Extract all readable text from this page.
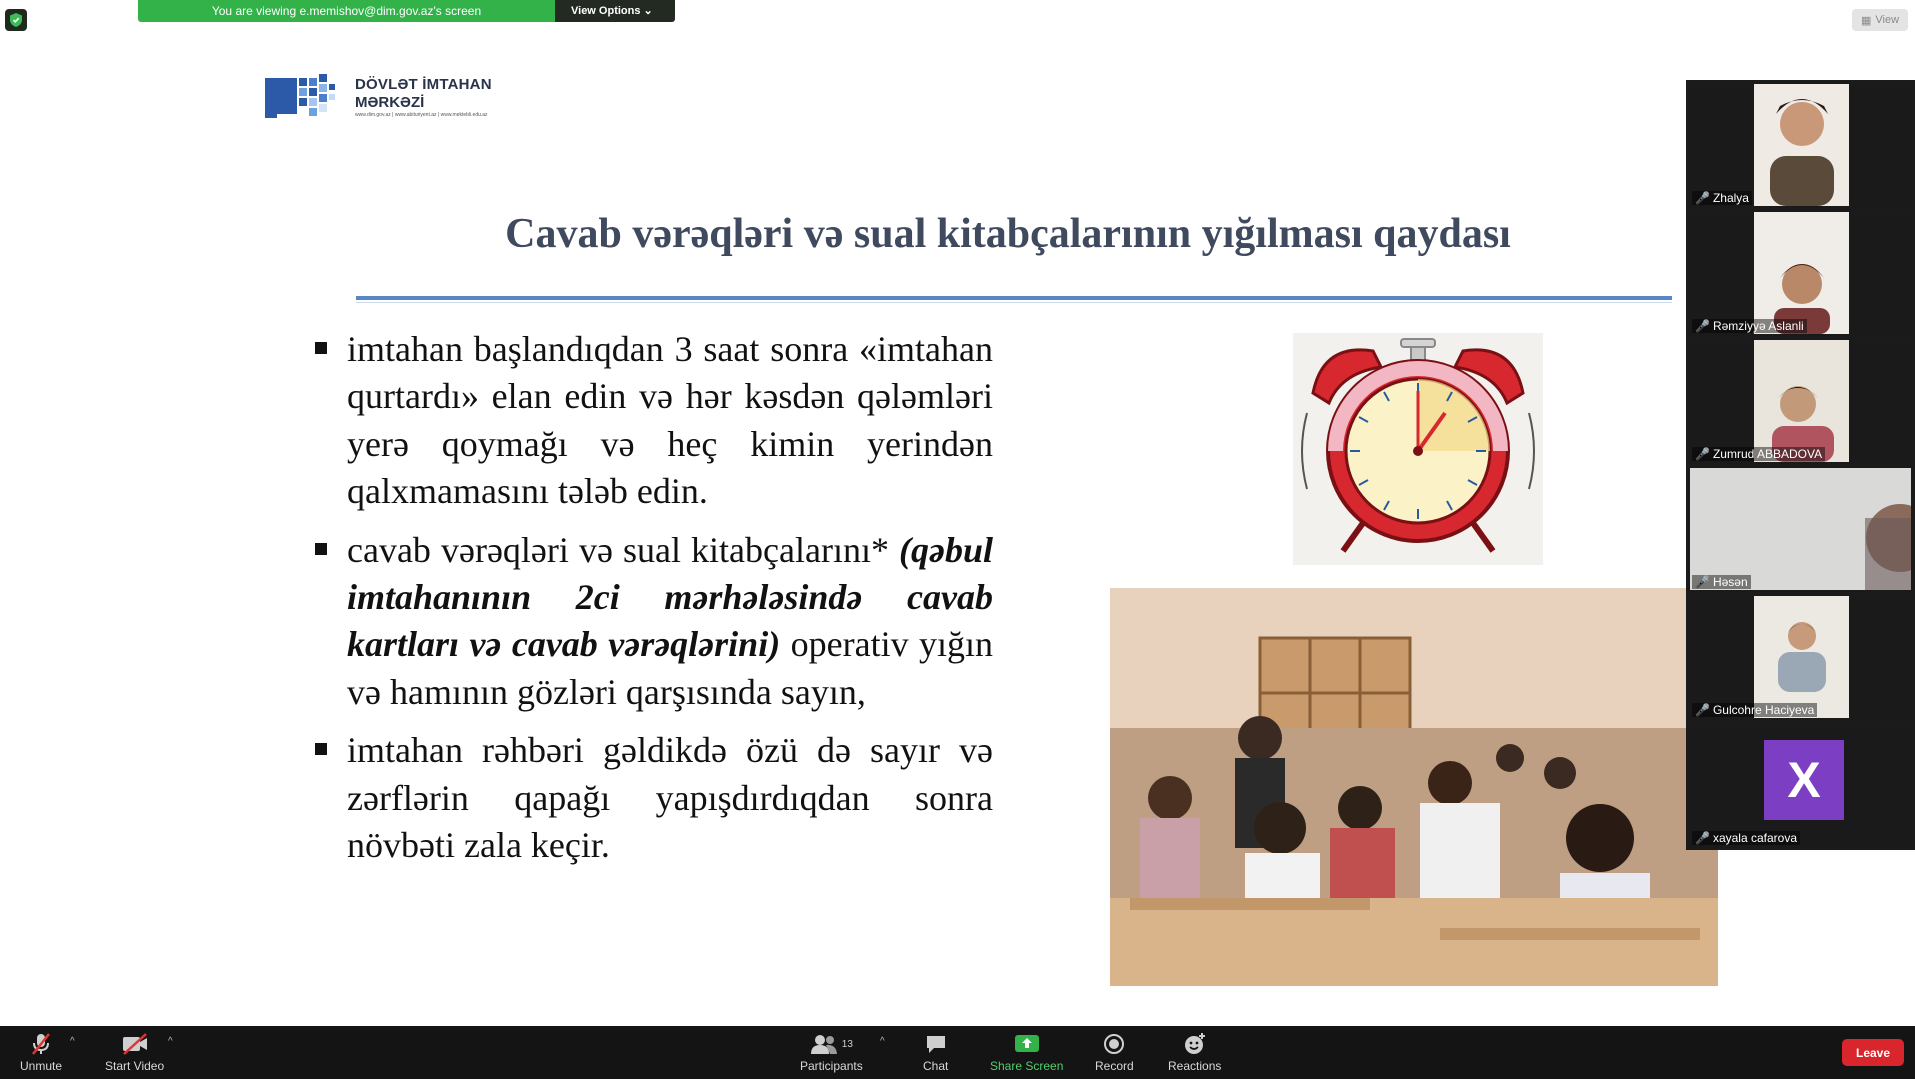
You are viewing e.memishov@dim.gov.az's screen	View Options ⌄
▦ View
DÖVLƏT İMTAHAN
MƏRKƏZİ
www.dim.gov.az | www.abituriyent.az | www.mektebli.edu.az
Cavab vərəqləri və sual kitabçalarının yığılması qaydası
imtahan başlandıqdan 3 saat sonra «imtahan qurtardı» elan edin və hər kəsdən qələmləri yerə qoymağı və heç kimin yerindən qalxmamasını tələb edin.
cavab vərəqləri və sual kitabçalarını* (qəbul imtahanının 2ci mərhələsində cavab kartları və cavab vərəqlərini) operativ yığın və hamının gözləri qarşısında sayın,
imtahan rəhbəri gəldikdə özü də sayır və zərflərin qapağı yapışdırdıqdan sonra növbəti zala keçir.
🎤 Zhalya
🎤 Rəmziyyə Aslanli
🎤 Zumrud ABBADOVA
🎤 Həsən
🎤 Gulcohre Haciyeva
X
🎤 xayala cafarova
Unmute
^
Start Video
^	13
Participants
^
Chat	Share Screen	Record	Reactions
Leave
